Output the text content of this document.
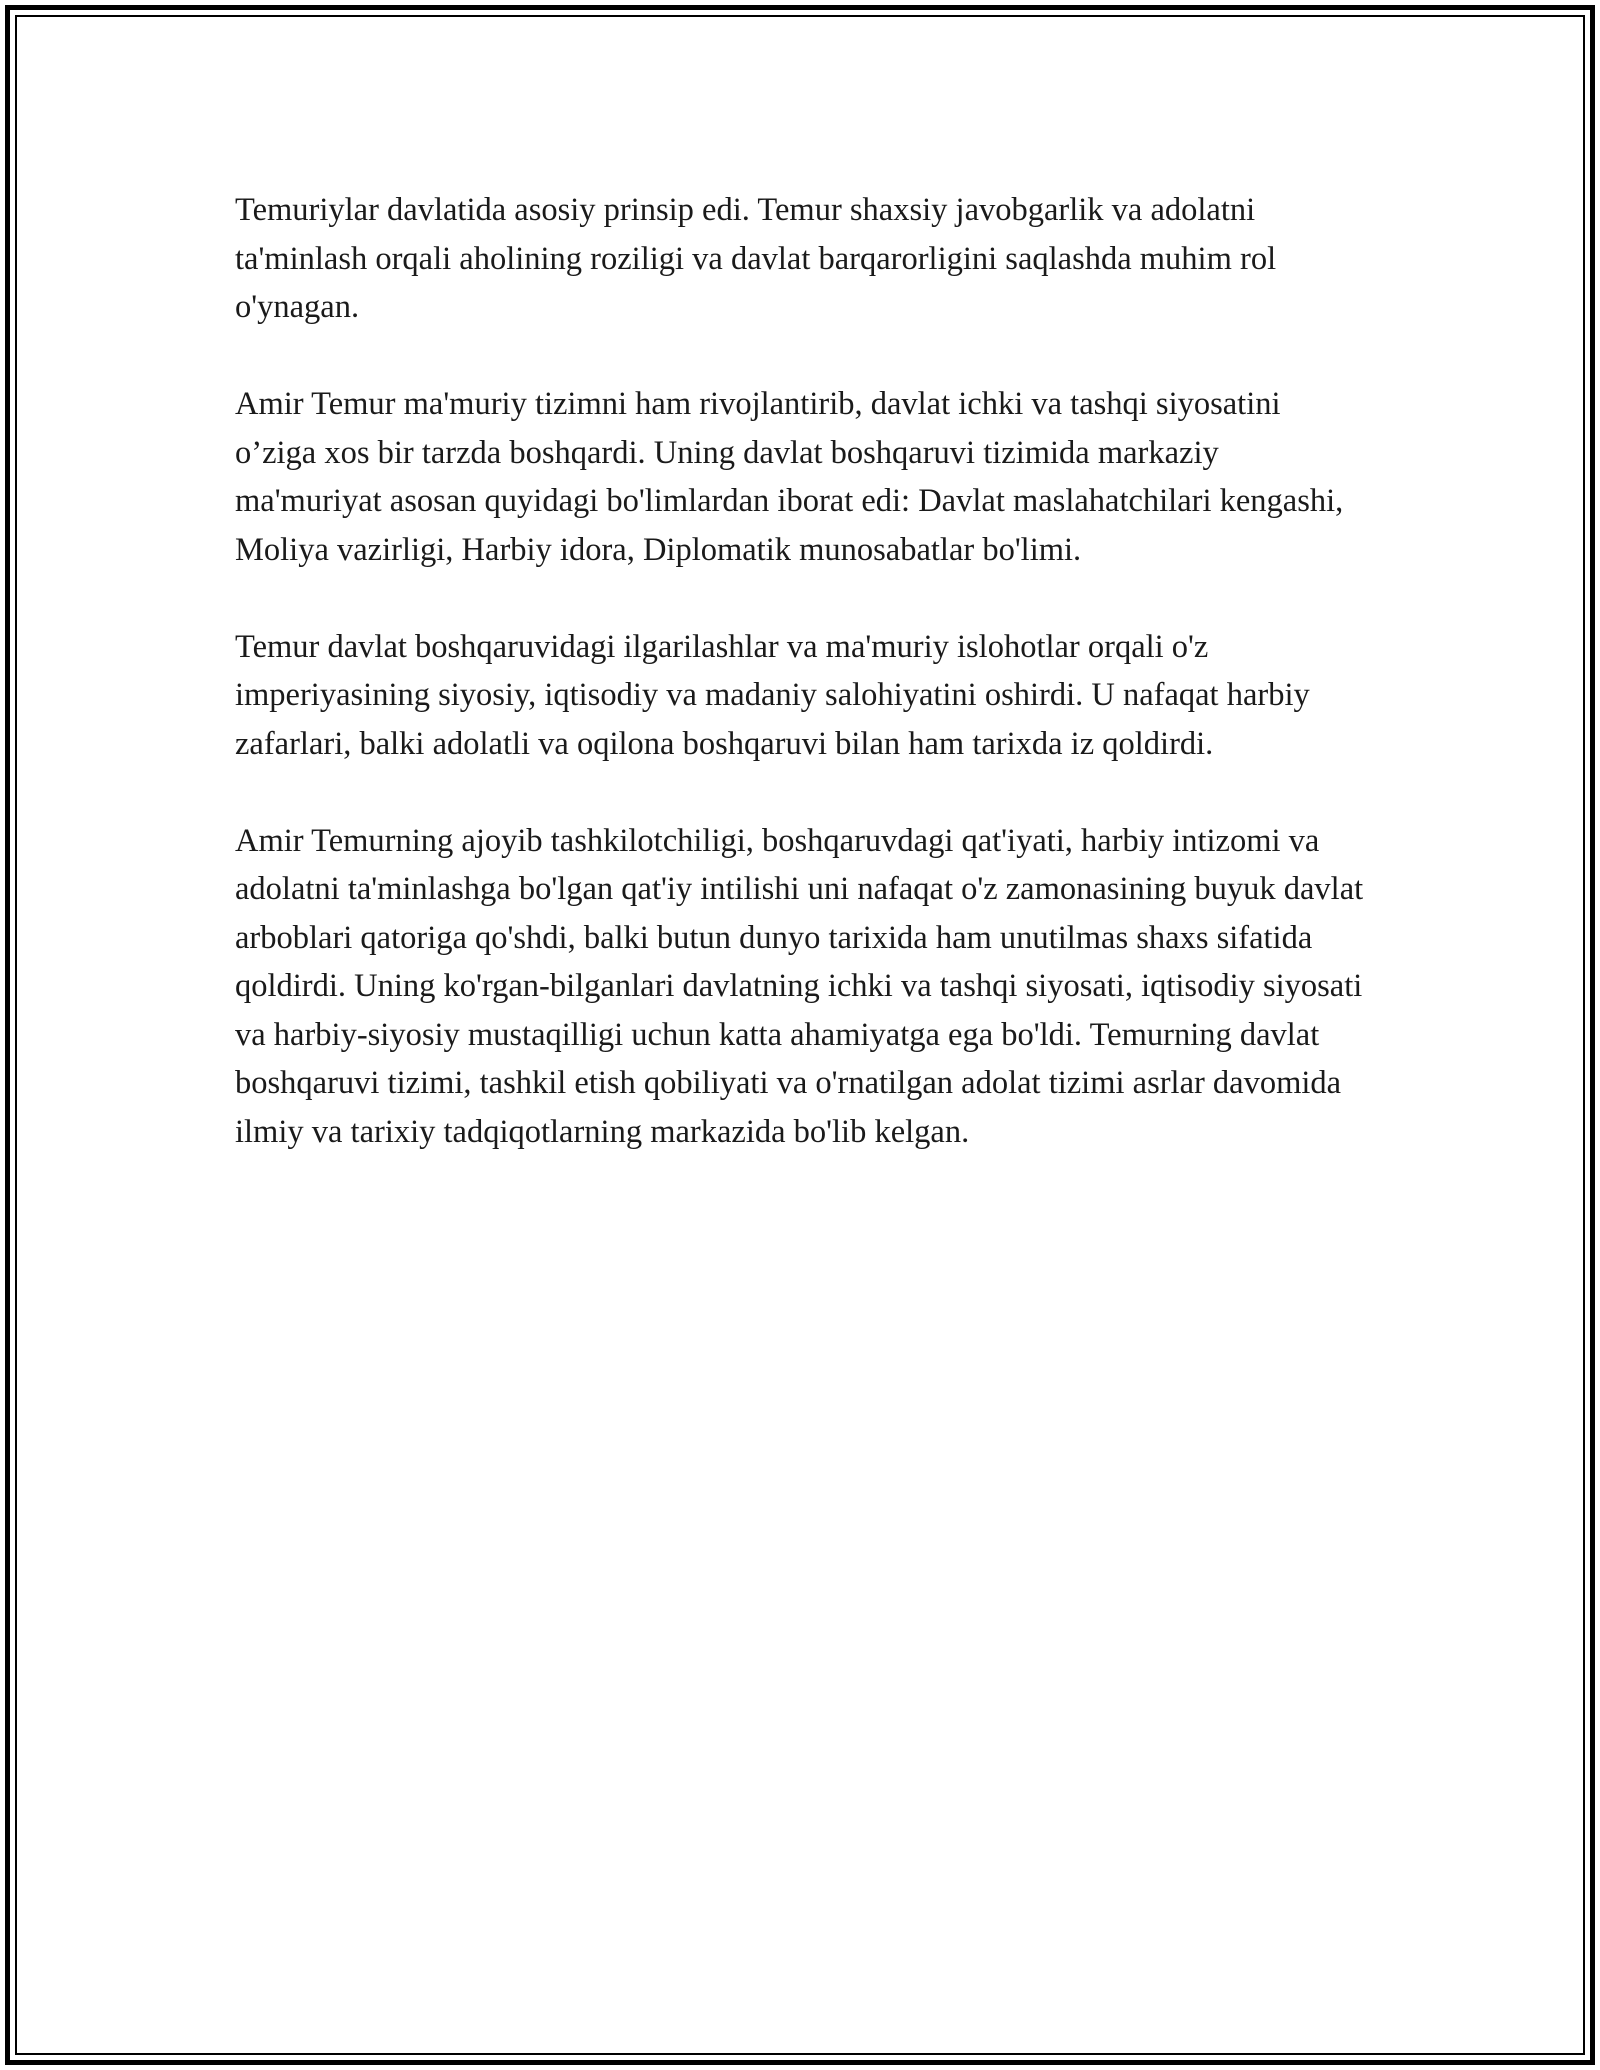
Temuriylar davlatida asosiy prinsip edi. Temur shaxsiy javobgarlik va adolatni ta'minlash orqali aholining roziligi va davlat barqarorligini saqlashda muhim rol o'ynagan.

Amir Temur ma'muriy tizimni ham rivojlantirib, davlat ichki va tashqi siyosatini o’ziga xos bir tarzda boshqardi. Uning davlat boshqaruvi tizimida markaziy ma'muriyat asosan quyidagi bo'limlardan iborat edi: Davlat maslahatchilari kengashi, Moliya vazirligi, Harbiy idora, Diplomatik munosabatlar bo'limi.

Temur davlat boshqaruvidagi ilgarilashlar va ma'muriy islohotlar orqali o'z imperiyasining siyosiy, iqtisodiy va madaniy salohiyatini oshirdi. U nafaqat harbiy zafarlari, balki adolatli va oqilona boshqaruvi bilan ham tarixda iz qoldirdi.

Amir Temurning ajoyib tashkilotchiligi, boshqaruvdagi qat'iyati, harbiy intizomi va adolatni ta'minlashga bo'lgan qat'iy intilishi uni nafaqat o'z zamonasining buyuk davlat arboblari qatoriga qo'shdi, balki butun dunyo tarixida ham unutilmas shaxs sifatida qoldirdi. Uning ko'rgan-bilganlari davlatning ichki va tashqi siyosati, iqtisodiy siyosati va harbiy-siyosiy mustaqilligi uchun katta ahamiyatga ega bo'ldi. Temurning davlat boshqaruvi tizimi, tashkil etish qobiliyati va o'rnatilgan adolat tizimi asrlar davomida ilmiy va tarixiy tadqiqotlarning markazida bo'lib kelgan.
